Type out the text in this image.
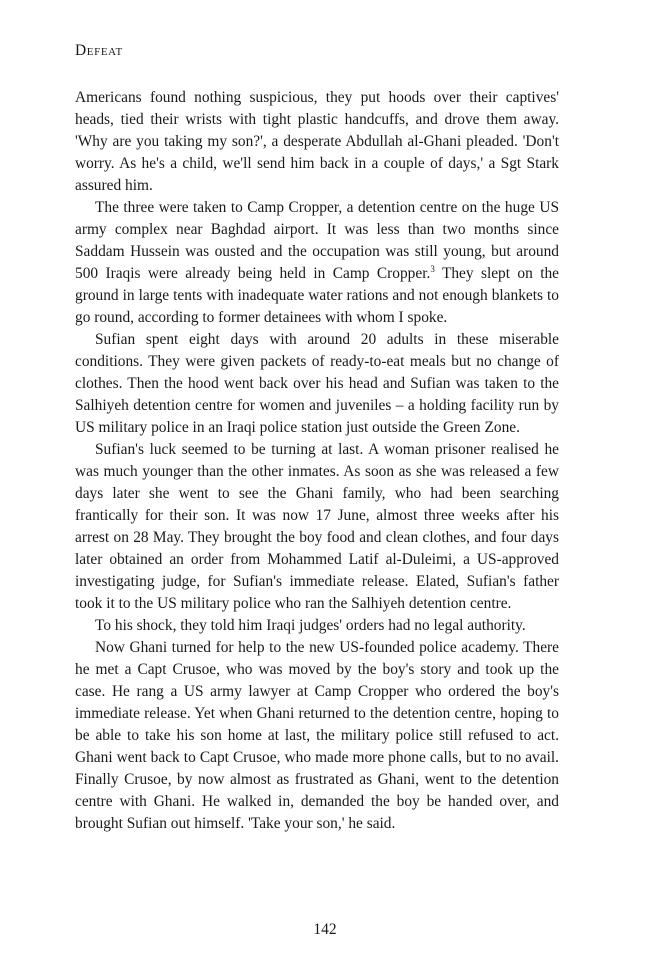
Defeat

Americans found nothing suspicious, they put hoods over their captives' heads, tied their wrists with tight plastic handcuffs, and drove them away. 'Why are you taking my son?', a desperate Abdullah al-Ghani pleaded. 'Don't worry. As he's a child, we'll send him back in a couple of days,' a Sgt Stark assured him.

The three were taken to Camp Cropper, a detention centre on the huge US army complex near Baghdad airport. It was less than two months since Saddam Hussein was ousted and the occupation was still young, but around 500 Iraqis were already being held in Camp Cropper.$^3$ They slept on the ground in large tents with inadequate water rations and not enough blankets to go round, according to former detainees with whom I spoke.

Sufian spent eight days with around 20 adults in these miserable conditions. They were given packets of ready-to-eat meals but no change of clothes. Then the hood went back over his head and Sufian was taken to the Salhiyeh detention centre for women and juveniles – a holding facility run by US military police in an Iraqi police station just outside the Green Zone.

Sufian's luck seemed to be turning at last. A woman prisoner realised he was much younger than the other inmates. As soon as she was released a few days later she went to see the Ghani family, who had been searching frantically for their son. It was now 17 June, almost three weeks after his arrest on 28 May. They brought the boy food and clean clothes, and four days later obtained an order from Mohammed Latif al-Duleimi, a US-approved investigating judge, for Sufian's immediate release. Elated, Sufian's father took it to the US military police who ran the Salhiyeh detention centre.

To his shock, they told him Iraqi judges' orders had no legal authority.

Now Ghani turned for help to the new US-founded police academy. There he met a Capt Crusoe, who was moved by the boy's story and took up the case. He rang a US army lawyer at Camp Cropper who ordered the boy's immediate release. Yet when Ghani returned to the detention centre, hoping to be able to take his son home at last, the military police still refused to act. Ghani went back to Capt Crusoe, who made more phone calls, but to no avail. Finally Crusoe, by now almost as frustrated as Ghani, went to the detention centre with Ghani. He walked in, demanded the boy be handed over, and brought Sufian out himself. 'Take your son,' he said.

142
